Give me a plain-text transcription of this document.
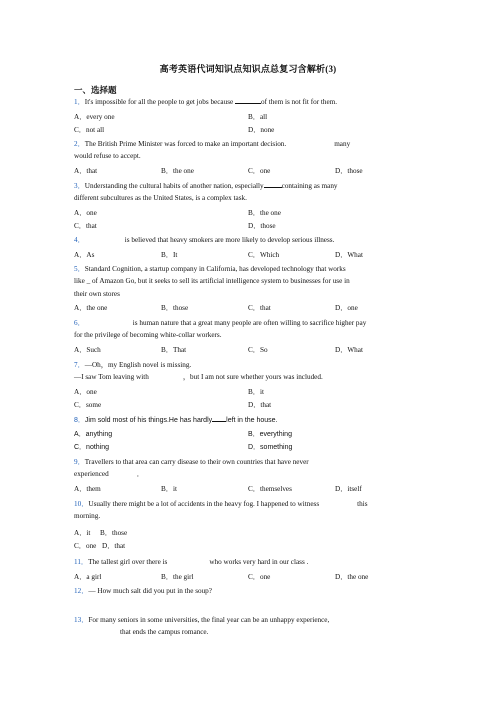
高考英语代词知识点知识点总复习含解析(3)
一、选择题
1．It's impossible for all the people to get jobs because	of them is not fit for them.
A．every one	B．all
C．not all	D．none
2．The British Prime Minister was forced to make an important decision.	many
would refuse to accept.
A．that	B．the one	C．one	D．those
3．Understanding the cultural habits of another nation, especially	containing as many
different subcultures as the United States, is a complex task.
A．one	B．the one
C．that	D．those
4．	is believed that heavy smokers are more likely to develop serious illness.
A．As	B．It	C．Which	D．What
5．Standard Cognition, a startup company in California, has developed technology that works
like _ of Amazon Go, but it seeks to sell its artificial intelligence system to businesses for use in
their own stores
A．the one	B．those	C．that	D．one
6．	is human nature that a great many people are often willing to sacrifice higher pay
for the privilege of becoming white-collar workers.
A．Such	B．That	C．So	D．What
7．—Oh，my English novel is missing.
—I saw Tom leaving with	，but I am not sure whether yours was included.
A．one	B．it
C．some	D．that
8．Jim sold most of his things.He has hardly left in the house.
A．anything	B．everything
C．nothing	D．something
9．Travellers to that area can carry disease to their own countries that have never
experienced	．
A．them	B．it	C．themselves	D．itself
10．Usually there might be a lot of accidents in the heavy fog. I happened to witness	this
morning.
A．it B．those
C．one D．that
11．The tallest girl over there is	who works very hard in our class .
A．a girl	B．the girl	C．one	D．the one
12．— How much salt did you put in the soup?
13．For many seniors in some universities, the final year can be an unhappy experience,
that ends the campus romance.
